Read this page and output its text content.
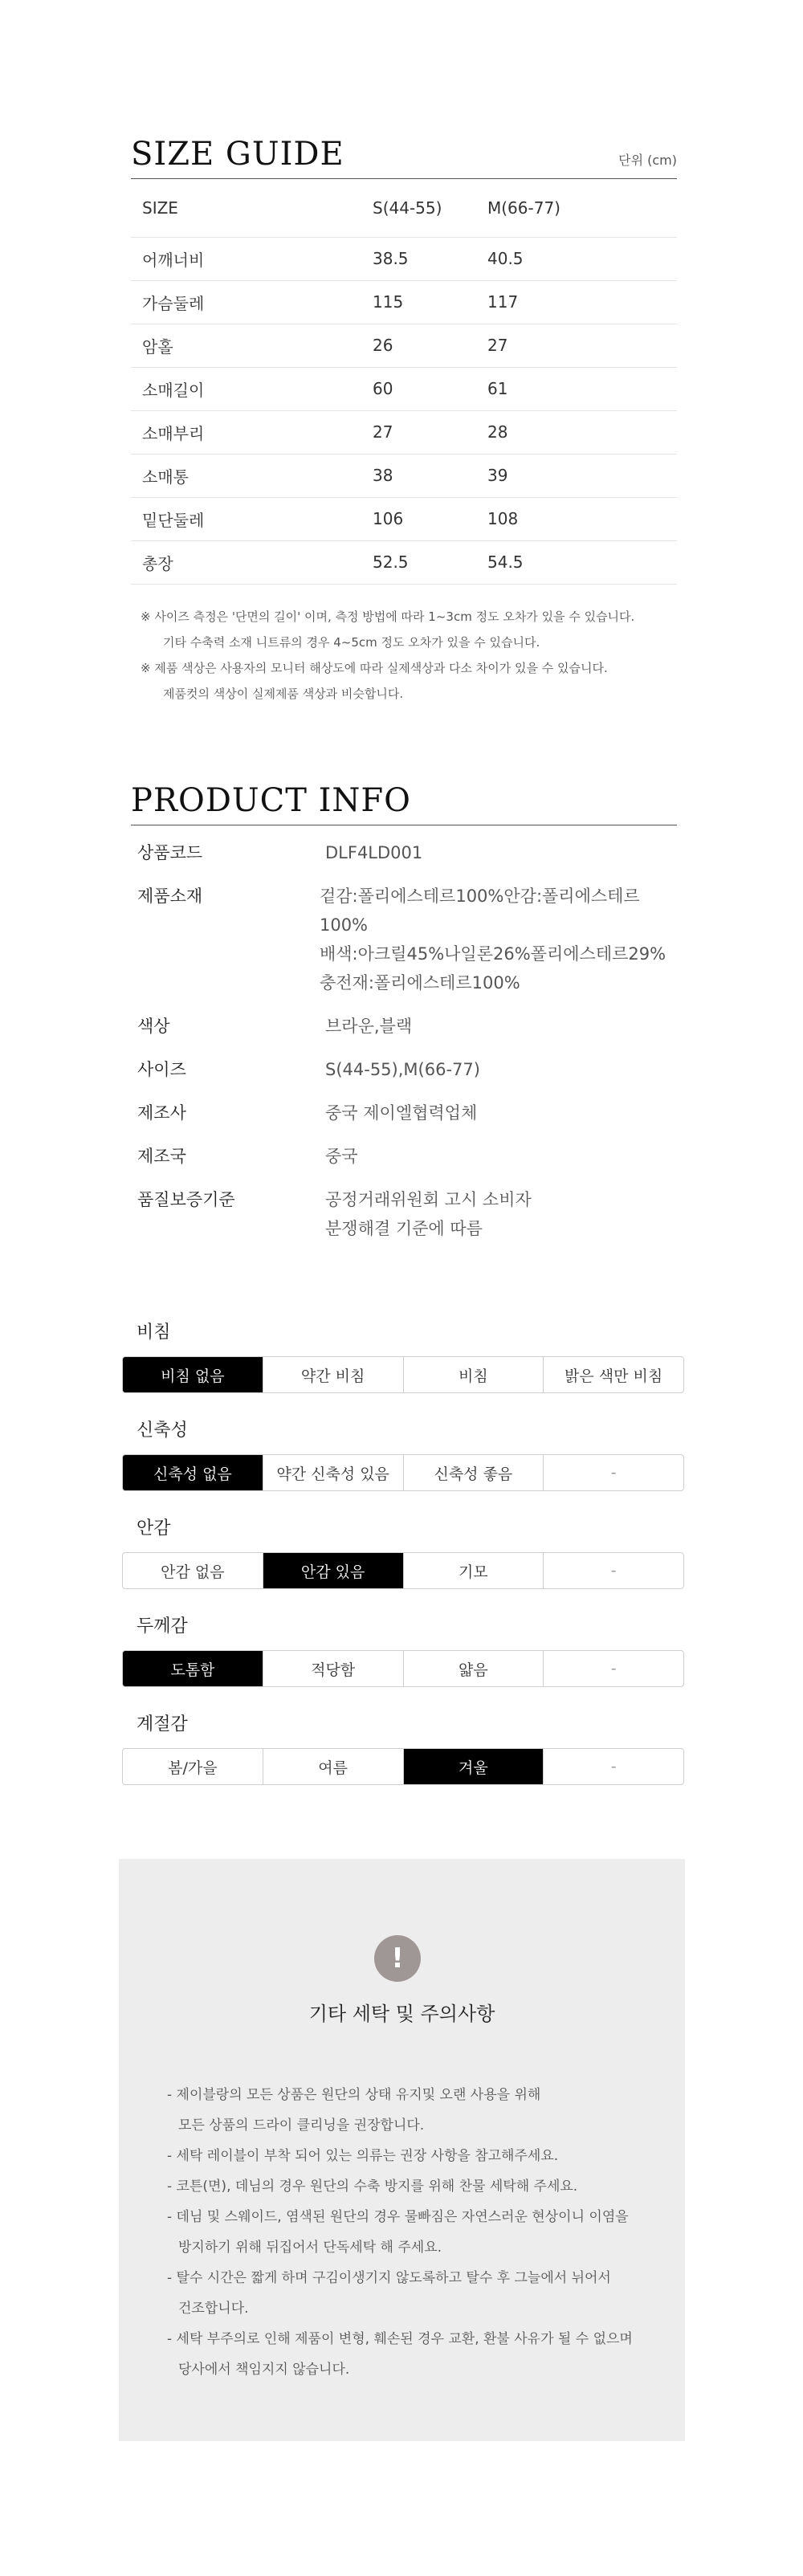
SIZE GUIDE	단위 (cm)
SIZE	S(44-55)	M(66-77)
어깨너비	38.5	40.5
가슴둘레	115	117
암홀	26	27
소매길이	60	61
소매부리	27	28
소매통	38	39
밑단둘레	106	108
총장	52.5	54.5
※ 사이즈 측정은 '단면의 길이' 이며, 측정 방법에 따라 1~3cm 정도 오차가 있을 수 있습니다.
기타 수축력 소재 니트류의 경우 4~5cm 정도 오차가 있을 수 있습니다.
※ 제품 색상은 사용자의 모니터 해상도에 따라 실제색상과 다소 차이가 있을 수 있습니다.
제품컷의 색상이 실제제품 색상과 비슷합니다.
PRODUCT INFO
상품코드	DLF4LD001
제품소재	겉감:폴리에스테르100%안감:폴리에스테르100%
배색:아크릴45%나일론26%폴리에스테르29%
충전재:폴리에스테르100%
색상	브라운,블랙
사이즈	S(44-55),M(66-77)
제조사	중국 제이엘협력업체
제조국	중국
품질보증기준	공정거래위원회 고시 소비자
분쟁해결 기준에 따름
비침
비침 없음	약간 비침	비침	밝은 색만 비침
신축성
신축성 없음	약간 신축성 있음	신축성 좋음	-
안감
안감 없음	안감 있음	기모	-
두께감
도톰함	적당함	얇음	-
계절감
봄/가을	여름	겨울	-
!
기타 세탁 및 주의사항
- 제이블랑의 모든 상품은 원단의 상태 유지및 오랜 사용을 위해
모든 상품의 드라이 클리닝을 권장합니다.
- 세탁 레이블이 부착 되어 있는 의류는 권장 사항을 참고해주세요.
- 코튼(면), 데님의 경우 원단의 수축 방지를 위해 찬물 세탁해 주세요.
- 데님 및 스웨이드, 염색된 원단의 경우 물빠짐은 자연스러운 현상이니 이염을
방지하기 위해 뒤집어서 단독세탁 해 주세요.
- 탈수 시간은 짧게 하며 구김이생기지 않도록하고 탈수 후 그늘에서 뉘어서
건조합니다.
- 세탁 부주의로 인해 제품이 변형, 훼손된 경우 교환, 환불 사유가 될 수 없으며
당사에서 책임지지 않습니다.
